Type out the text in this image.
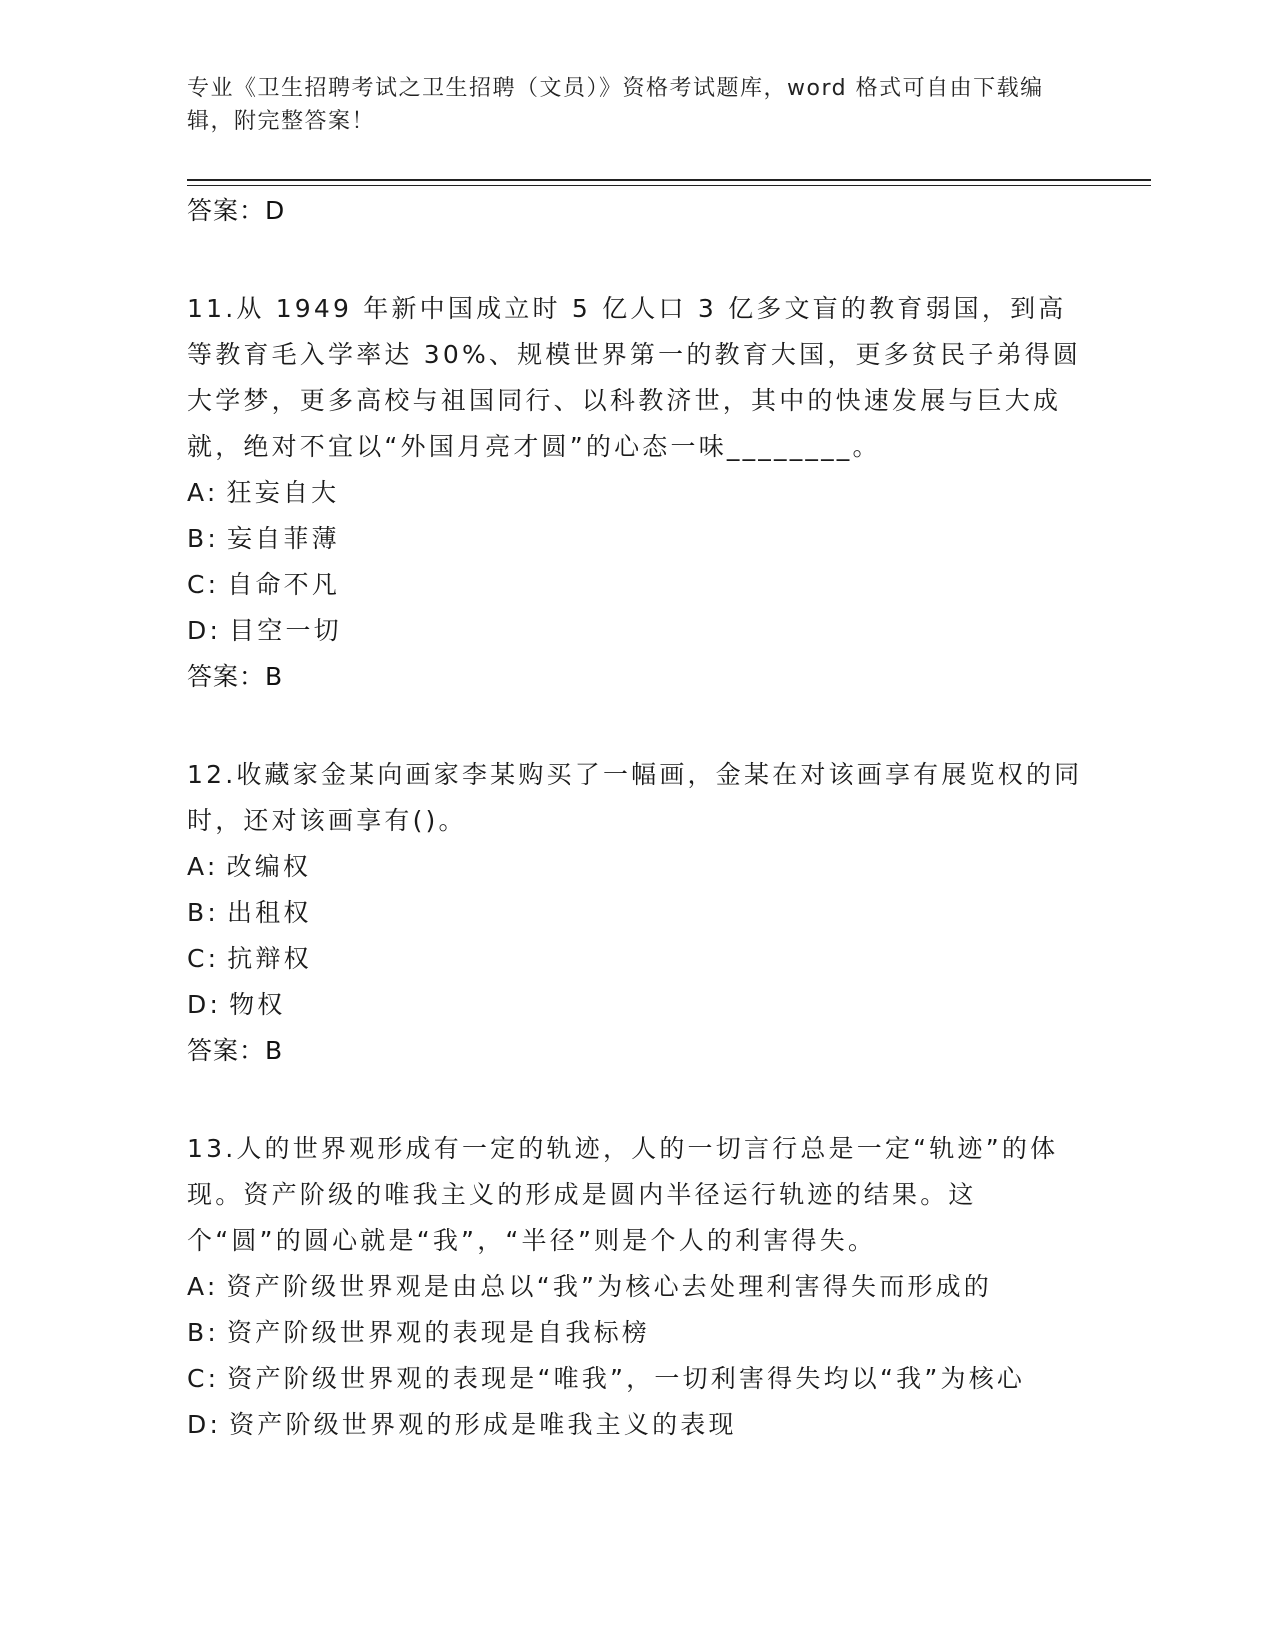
专业《卫生招聘考试之卫生招聘（文员）》资格考试题库，word 格式可自由下载编辑，附完整答案！
答案：D
11.从 1949 年新中国成立时 5 亿人口 3 亿多文盲的教育弱国，到高等教育毛入学率达 30%、规模世界第一的教育大国，更多贫民子弟得圆大学梦，更多高校与祖国同行、以科教济世，其中的快速发展与巨大成就，绝对不宜以“外国月亮才圆”的心态一味________。
A: 狂妄自大
B: 妄自菲薄
C: 自命不凡
D: 目空一切
答案：B
12.收藏家金某向画家李某购买了一幅画，金某在对该画享有展览权的同时，还对该画享有()。
A: 改编权
B: 出租权
C: 抗辩权
D: 物权
答案：B
13.人的世界观形成有一定的轨迹，人的一切言行总是一定“轨迹”的体现。资产阶级的唯我主义的形成是圆内半径运行轨迹的结果。这个“圆”的圆心就是“我”，“半径”则是个人的利害得失。
A: 资产阶级世界观是由总以“我”为核心去处理利害得失而形成的
B: 资产阶级世界观的表现是自我标榜
C: 资产阶级世界观的表现是“唯我”，一切利害得失均以“我”为核心
D: 资产阶级世界观的形成是唯我主义的表现
